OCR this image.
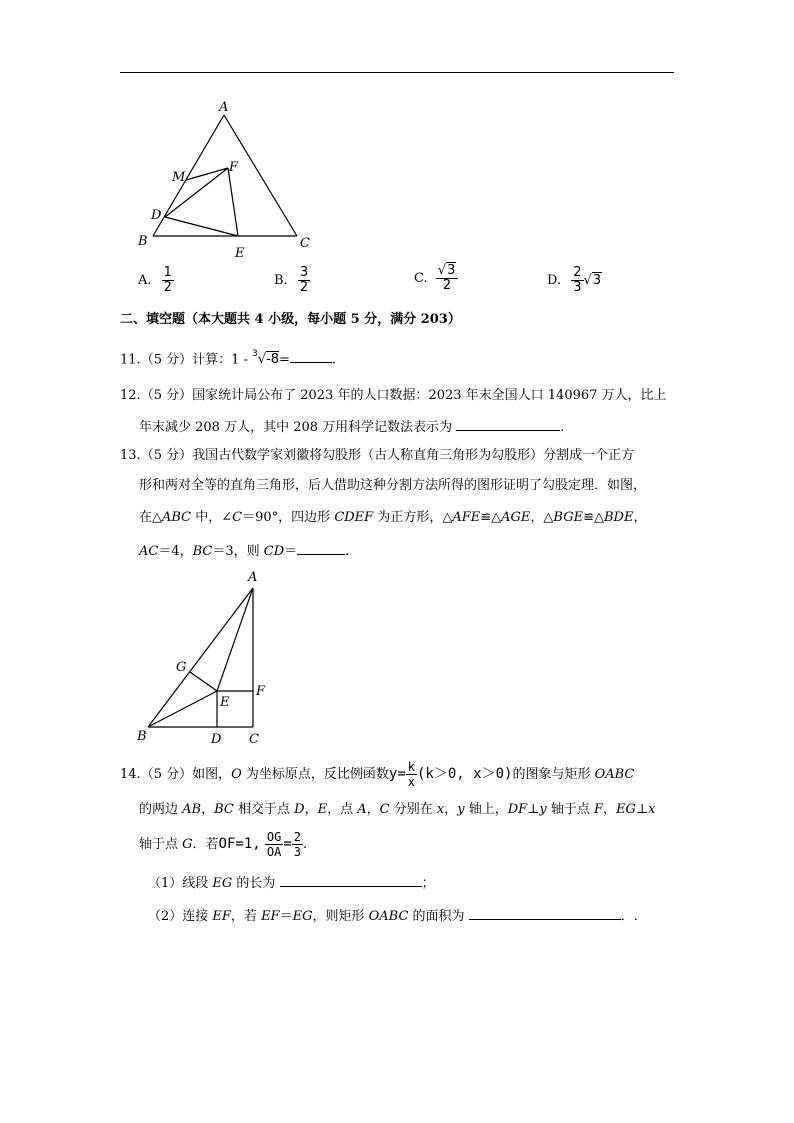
A
B	C
D
E
F
M
A. $\frac{1}{2}$	B. $\frac{3}{2}$	C. $\frac{√3}{2}$	D. $\frac{2}{3} √3$
二、填空题（本大题共 4 小级，每小题 5 分，满分 203）
11.（5 分）计算：1 - $^3$√-8=	.
12.（5 分）国家统计局公布了 2023 年的人口数据：2023 年末全国人口 140967 万人，比上
年末减少 208 万人，其中 208 万用科学记数法表示为	.
13.（5 分）我国古代数学家刘徽将勾股形（古人称直角三角形为勾股形）分割成一个正方
形和两对全等的直角三角形，后人借助这种分割方法所得的图形证明了勾股定理．如图，
在△ABC 中，∠C＝90°，四边形 CDEF 为正方形，△AFE≌△AGE，△BGE≌△BDE，
AC＝4，BC＝3，则 CD＝	.
A
B	C
D
E
F
G
14.（5 分）如图，O 为坐标原点，反比例函数$y= \frac{k}{x} (k>0$, x＞0)的图象与矩形 OABC
的两边 AB，BC 相交于点 D，E，点 A，C 分别在 x，y 轴上，DF⊥y 轴于点 F，EG⊥x
轴于点 G．若OF=1, $\frac{OG}{OA} = \frac{2}{3}$ .
（1）线段 EG 的长为	；
（2）连接 EF，若 EF＝EG，则矩形 OABC 的面积为	．.
